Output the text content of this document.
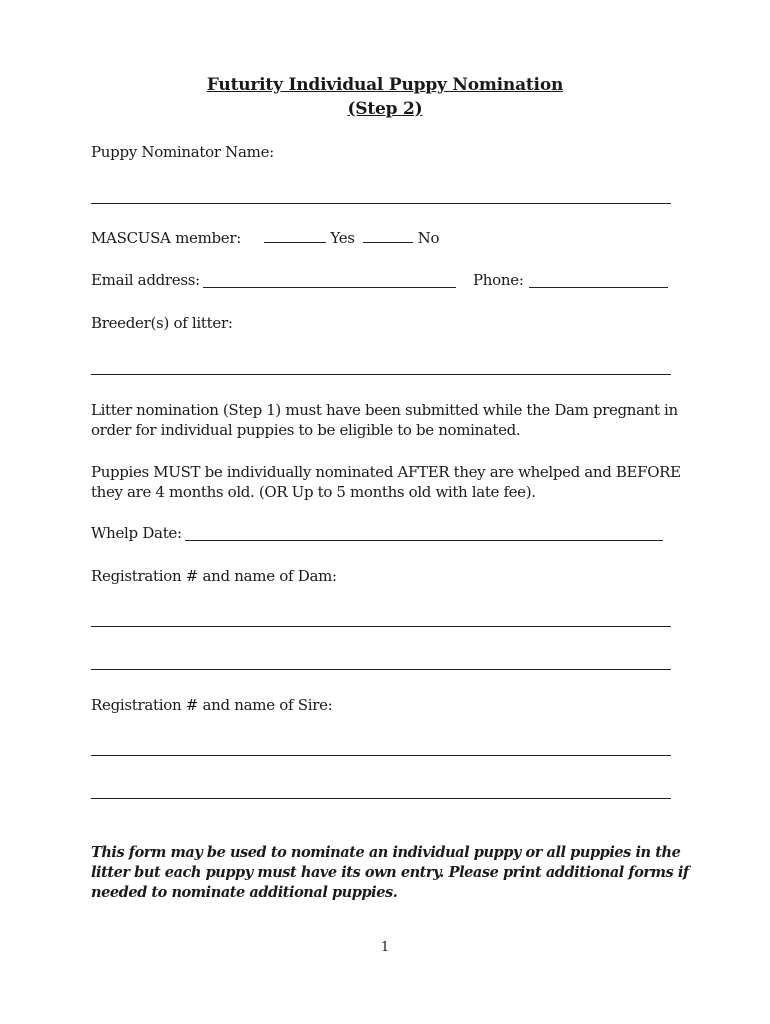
Futurity Individual Puppy Nomination
(Step 2)
Puppy Nominator Name:
MASCUSA member:	Yes	No
Email address:	Phone:
Breeder(s) of litter:
Litter nomination (Step 1) must have been submitted while the Dam pregnant in order for individual puppies to be eligible to be nominated.
Puppies MUST be individually nominated AFTER they are whelped and BEFORE they are 4 months old. (OR Up to 5 months old with late fee).
Whelp Date:
Registration # and name of Dam:
Registration # and name of Sire:
This form may be used to nominate an individual puppy or all puppies in the litter but each puppy must have its own entry. Please print additional forms if needed to nominate additional puppies.
1
